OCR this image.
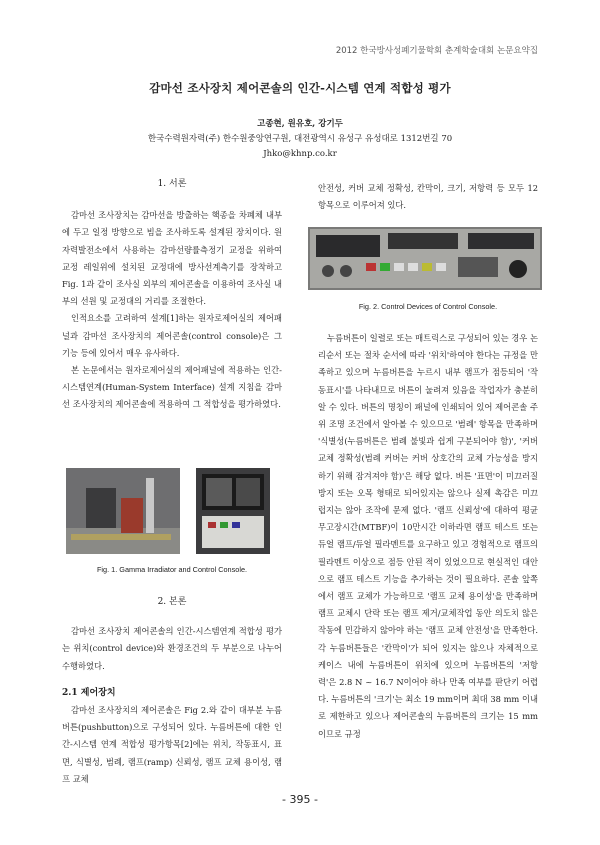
2012 한국방사성폐기물학회 춘계학술대회 논문요약집
감마선 조사장치 제어콘솔의 인간-시스템 연계 적합성 평가
고종현, 원유호, 강기두
한국수력원자력(주) 한수원중앙연구원, 대전광역시 유성구 유성대로 1312번길 70
Jhko@khnp.co.kr

1. 서론

감마선 조사장치는 감마선을 방출하는 핵종을 차폐체 내부에 두고 일정 방향으로 빔을 조사하도록 설계된 장치이다. 원자력발전소에서 사용하는 감마선량률측정기 교정을 위하여 교정 레일위에 설치된 교정대에 방사선계측기를 장착하고 Fig. 1과 같이 조사실 외부의 제어콘솔을 이용하여 조사실 내부의 선원 및 교정대의 거리를 조절한다.

인적요소를 고려하여 설계[1]하는 원자로제어실의 제어패널과 감마선 조사장치의 제어콘솔(control console)은 그 기능 등에 있어서 매우 유사하다.

본 논문에서는 원자로제어실의 제어패널에 적용하는 인간-시스템연계(Human-System Interface) 설계 지침을 감마선 조사장치의 제어콘솔에 적용하여 그 적합성을 평가하였다.

Fig. 1. Gamma Irradiator and Control Console.

2. 본론

감마선 조사장치 제어콘솔의 인간-시스템연계 적합성 평가는 위치(control device)와 환경조건의 두 부분으로 나누어 수행하였다.

2.1 제어장치

감마선 조사장치의 제어콘솔은 Fig 2.와 같이 대부분 누름버튼(pushbutton)으로 구성되어 있다. 누름버튼에 대한 인간-시스템 연계 적합성 평가항목[2]에는 위치, 작동표시, 표면, 식별성, 범례, 램프(ramp) 신뢰성, 램프 교체 용이성, 램프 교체

안전성, 커버 교체 정확성, 칸막이, 크기, 저항력 등 모두 12 항목으로 이루어져 있다.

Fig. 2. Control Devices of Control Console.

누름버튼이 일렬로 또는 매트릭스로 구성되어 있는 경우 논리순서 또는 절차 순서에 따라 '위치'하여야 한다는 규정을 만족하고 있으며 누름버튼을 누르시 내부 램프가 점등되어 '작동표시'를 나타내므로 버튼이 눌려져 있음을 작업자가 충분히 알 수 있다. 버튼의 명칭이 패널에 인쇄되어 있어 제어콘솔 주위 조명 조건에서 알아볼 수 있으므로 '범례' 항목을 만족하며 '식별성(누름버튼은 범례 불빛과 쉽게 구분되어야 함)', '커버 교체 정확성(범례 커버는 커버 상호간의 교체 가능성을 방지하기 위해 잠겨져야 함)'은 해당 없다. 버튼 '표면'이 미끄러질 방지 또는 오목 형태로 되어있지는 않으나 실제 촉감은 미끄럽지는 않아 조작에 문제 없다. '램프 신뢰성'에 대하여 평균무고장시간(MTBF)이 10만시간 이하라면 램프 테스트 또는 듀얼 램프/듀얼 필라멘트를 요구하고 있고 경험적으로 램프의 필라멘트 이상으로 점등 안된 적이 있었으므로 현실적인 대안으로 램프 테스트 기능을 추가하는 것이 필요하다. 콘솔 앞쪽에서 램프 교체가 가능하므로 '램프 교체 용이성'을 만족하며 램프 교체시 단락 또는 램프 제거/교체작업 동안 의도치 않은 작동에 민감하지 않아야 하는 '램프 교체 안전성'을 만족한다. 각 누름버튼들은 '칸막이'가 되어 있지는 않으나 자체적으로 케이스 내에 누름버튼이 위치에 있으며 누름버튼의 '저항력'은 2.8 N ~ 16.7 N이어야 하나 만족 여부를 판단키 어렵다. 누름버튼의 '크기'는 최소 19 mm이며 최대 38 mm 이내로 제한하고 있으나 제어콘솔의 누름버튼의 크기는 15 mm 이므로 규정

- 395 -
